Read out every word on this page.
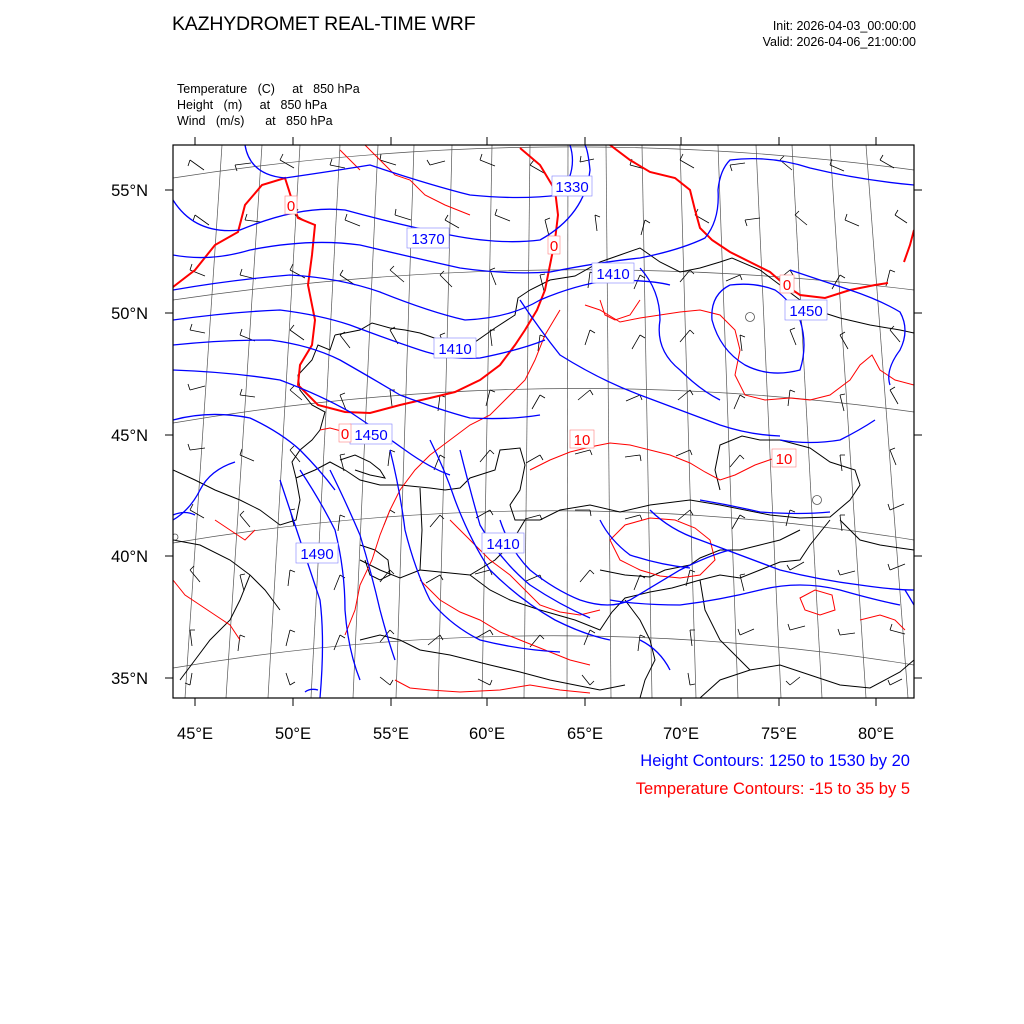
KAZHYDROMET REAL-TIME WRF	Init: 2026-04-03_00:00:00
Valid: 2026-04-06_21:00:00
Temperature   (C)     at   850 hPa
Height   (m)     at   850 hPa
Wind   (m/s)      at   850 hPa
1330
1370
1410
1410
1410
1450
1450
1490
0
0
0
0	10
10
45°E	50°E	55°E	60°E	65°E	70°E	75°E	80°E
55°N
50°N
45°N
40°N
35°N
Height Contours: 1250 to 1530 by 20
Temperature Contours: -15 to 35 by 5
